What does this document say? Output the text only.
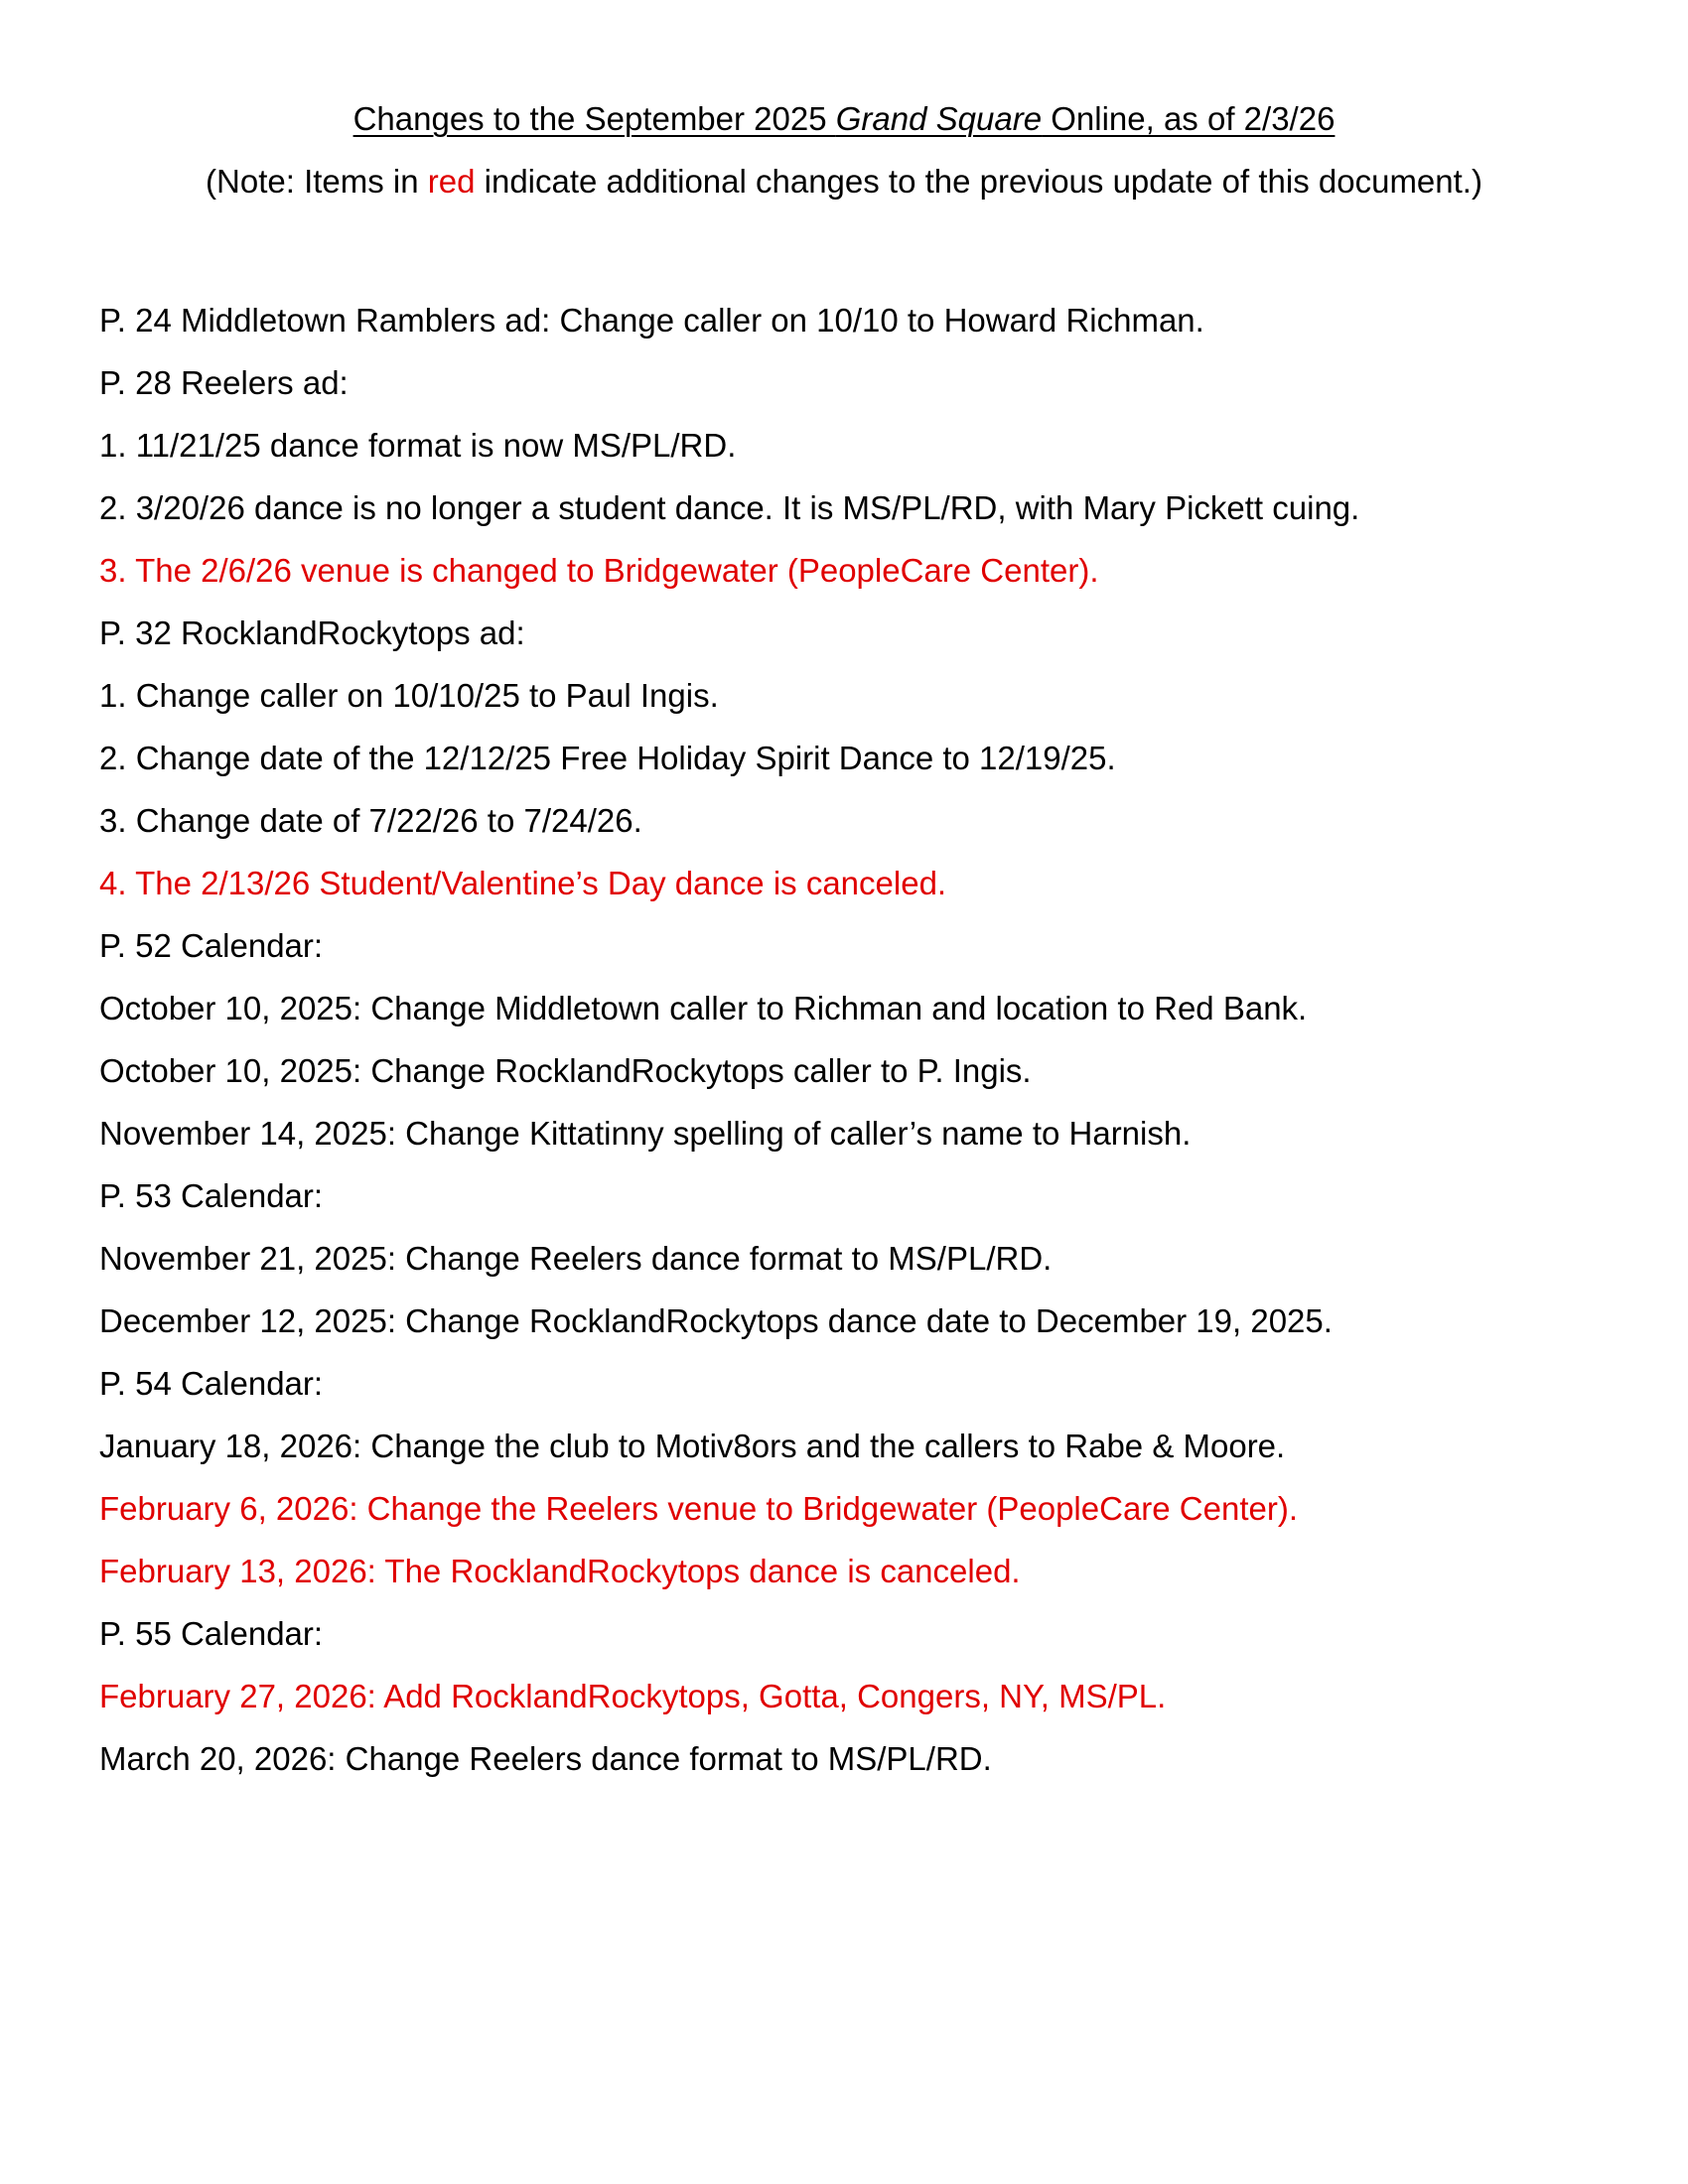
Changes to the September 2025 Grand Square Online, as of 2/3/26

(Note: Items in red indicate additional changes to the previous update of this document.)

P. 24 Middletown Ramblers ad: Change caller on 10/10 to Howard Richman.

P. 28 Reelers ad:

1. 11/21/25 dance format is now MS/PL/RD.

2. 3/20/26 dance is no longer a student dance. It is MS/PL/RD, with Mary Pickett cuing.

3. The 2/6/26 venue is changed to Bridgewater (PeopleCare Center).

P. 32 RocklandRockytops ad:

1. Change caller on 10/10/25 to Paul Ingis.

2. Change date of the 12/12/25 Free Holiday Spirit Dance to 12/19/25.

3. Change date of 7/22/26 to 7/24/26.

4. The 2/13/26 Student/Valentine’s Day dance is canceled.

P. 52 Calendar:

October 10, 2025: Change Middletown caller to Richman and location to Red Bank.

October 10, 2025: Change RocklandRockytops caller to P. Ingis.

November 14, 2025: Change Kittatinny spelling of caller’s name to Harnish.

P. 53 Calendar:

November 21, 2025: Change Reelers dance format to MS/PL/RD.

December 12, 2025: Change RocklandRockytops dance date to December 19, 2025.

P. 54 Calendar:

January 18, 2026: Change the club to Motiv8ors and the callers to Rabe & Moore.

February 6, 2026: Change the Reelers venue to Bridgewater (PeopleCare Center).

February 13, 2026: The RocklandRockytops dance is canceled.

P. 55 Calendar:

February 27, 2026: Add RocklandRockytops, Gotta, Congers, NY, MS/PL.

March 20, 2026: Change Reelers dance format to MS/PL/RD.
